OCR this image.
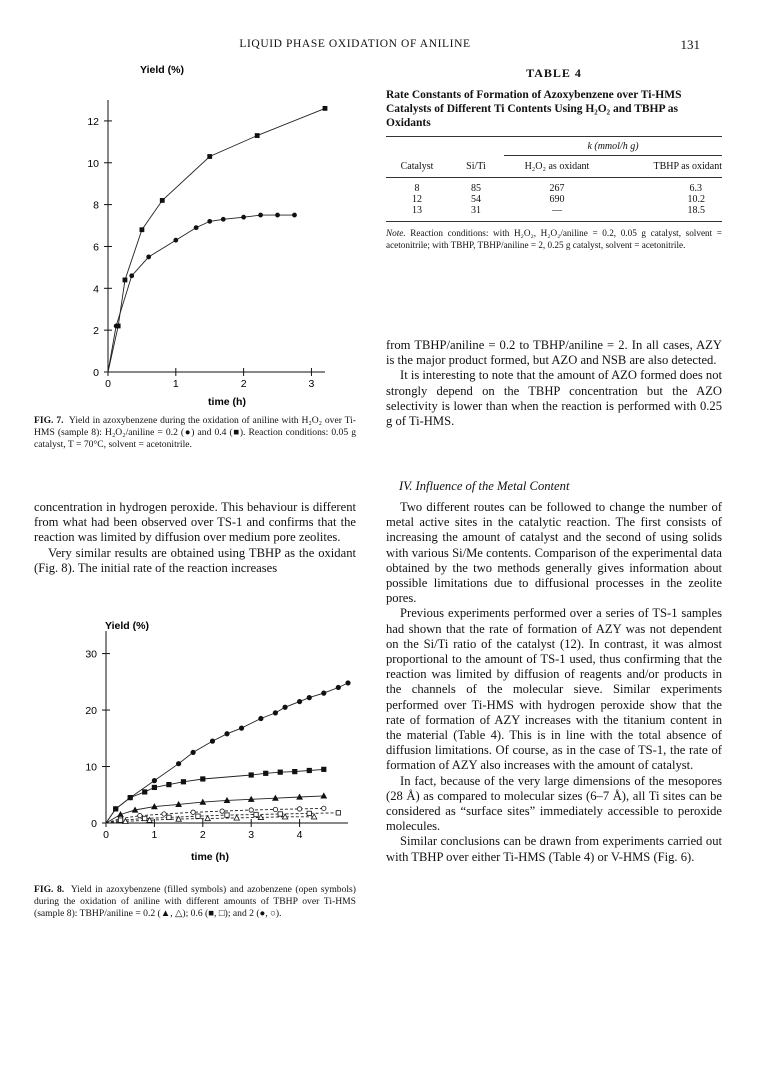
LIQUID PHASE OXIDATION OF ANILINE	131
Yield (%)
0	1	2	3
0
2
4
6
8
10
12
time (h)
FIG. 7. Yield in azoxybenzene during the oxidation of aniline with H₂O₂ over Ti-HMS (sample 8): H₂O₂/aniline = 0.2 (●) and 0.4 (■). Reaction conditions: 0.05 g catalyst, T = 70°C, solvent = acetonitrile.
TABLE 4
Rate Constants of Formation of Azoxybenzene over Ti-HMS Catalysts of Different Ti Contents Using H₂O₂ and TBHP as Oxidants
		k (mmol/h g)	

Catalyst	Si/Ti	H₂O₂ as oxidant	TBHP as oxidant

8	85	267	6.3
12	54	690	10.2
13	31	—	18.5
Note. Reaction conditions: with H₂O₂, H₂O₂/aniline = 0.2, 0.05 g catalyst, solvent = acetonitrile; with TBHP, TBHP/aniline = 2, 0.25 g catalyst, solvent = acetonitrile.

from TBHP/aniline = 0.2 to TBHP/aniline = 2. In all cases, AZY is the major product formed, but AZO and NSB are also detected.

It is interesting to note that the amount of AZO formed does not strongly depend on the TBHP concentration but the AZO selectivity is lower than when the reaction is performed with 0.25 g of Ti-HMS.

IV. Influence of the Metal Content

concentration in hydrogen peroxide. This behaviour is different from what had been observed over TS-1 and confirms that the reaction was limited by diffusion over medium pore zeolites.

Very similar results are obtained using TBHP as the oxidant (Fig. 8). The initial rate of the reaction increases

Two different routes can be followed to change the number of metal active sites in the catalytic reaction. The first consists of increasing the amount of catalyst and the second of using solids with various Si/Me contents. Comparison of the experimental data obtained by the two methods generally gives information about possible limitations due to diffusional processes in the zeolite pores.

Previous experiments performed over a series of TS-1 samples had shown that the rate of formation of AZY was not dependent on the Si/Ti ratio of the catalyst (12). In contrast, it was almost proportional to the amount of TS-1 used, thus confirming that the reaction was limited by diffusion of reagents and/or products in the channels of the molecular sieve. Similar experiments performed over Ti-HMS with hydrogen peroxide show that the rate of formation of AZY increases with the titanium content in the material (Table 4). This is in line with the total absence of diffusion limitations. Of course, as in the case of TS-1, the rate of formation of AZY also increases with the amount of catalyst.

In fact, because of the very large dimensions of the mesopores (28 Å) as compared to molecular sizes (6–7 Å), all Ti sites can be considered as “surface sites” immediately accessible to peroxide molecules.

Similar conclusions can be drawn from experiments carried out with TBHP over either Ti-HMS (Table 4) or V-HMS (Fig. 6).

Yield (%)
0	1	2	3	4
0
10
20
30
time (h)
FIG. 8. Yield in azoxybenzene (filled symbols) and azobenzene (open symbols) during the oxidation of aniline with different amounts of TBHP over Ti-HMS (sample 8): TBHP/aniline = 0.2 (▲, △); 0.6 (■, □); and 2 (●, ○).
